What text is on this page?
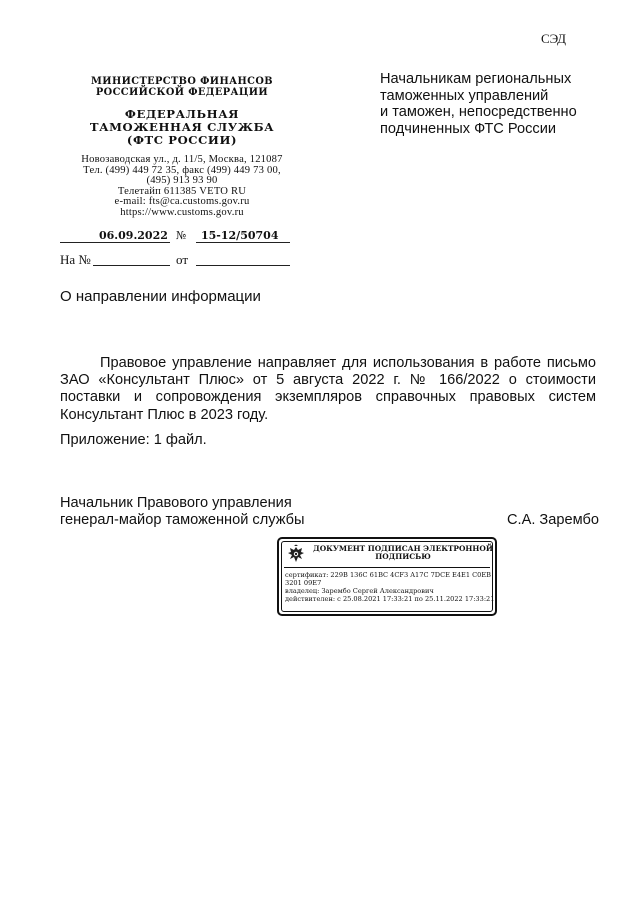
СЭД
МИНИСТЕРСТВО ФИНАНСОВ
РОССИЙСКОЙ ФЕДЕРАЦИИ
ФЕДЕРАЛЬНАЯ
ТАМОЖЕННАЯ СЛУЖБА
(ФТС РОССИИ)
Новозаводская ул., д. 11/5, Москва, 121087
Тел. (499) 449 72 35, факс (499) 449 73 00,
(495) 913 93 90
Телетайп 611385 VETO RU
e-mail: fts@ca.customs.gov.ru
https://www.customs.gov.ru
Начальникам региональных
таможенных управлений
и таможен, непосредственно
подчиненных ФТС России
06.09.2022 № 15-12/50704
На №	от
О направлении информации
Правовое управление направляет для использования в работе письмо ЗАО «Консультант Плюс» от 5 августа 2022 г. № 166/2022 о стоимости поставки и сопровождения экземпляров справочных правовых систем Консультант Плюс в 2023 году.
Приложение: 1 файл.
Начальник Правового управления
генерал-майор таможенной службы	С.А. Зарембо
ДОКУМЕНТ ПОДПИСАН ЭЛЕКТРОННОЙ
ПОДПИСЬЮ
сертификат: 229B 136C 61BC 4CF3 A17C 7DCE E4E1 C0EB
3201 09E7
владелец: Зарембо Сергей Александрович
действителен: с 25.08.2021 17:33:21 по 25.11.2022 17:33:21
